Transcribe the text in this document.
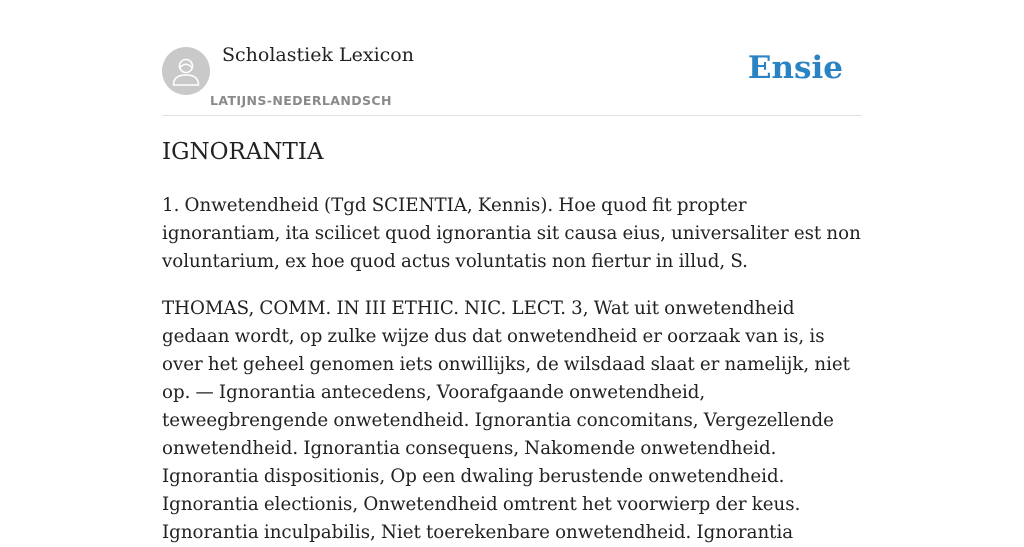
Scholastiek Lexicon
LATIJNS-NEDERLANDSCH
Ensie
IGNORANTIA

1. Onwetendheid (Tgd SCIENTIA, Kennis). Hoe quod fit propter ignorantiam, ita scilicet quod ignorantia sit causa eius, universaliter est non voluntarium, ex hoe quod actus voluntatis non fiertur in illud, S.

THOMAS, COMM. IN III ETHIC. NIC. LECT. 3, Wat uit onwetendheid gedaan wordt, op zulke wijze dus dat onwetendheid er oorzaak van is, is over het geheel genomen iets onwillijks, de wilsdaad slaat er namelijk, niet op. — Ignorantia antecedens, Voorafgaande onwetendheid, teweegbrengende onwetendheid. Ignorantia concomitans, Vergezellende onwetendheid. Ignorantia consequens, Nakomende onwetendheid. Ignorantia dispositionis, Op een dwaling berustende onwetendheid. Ignorantia electionis, Onwetendheid omtrent het voorwierp der keus. Ignorantia inculpabilis, Niet toerekenbare onwetendheid. Ignorantia
